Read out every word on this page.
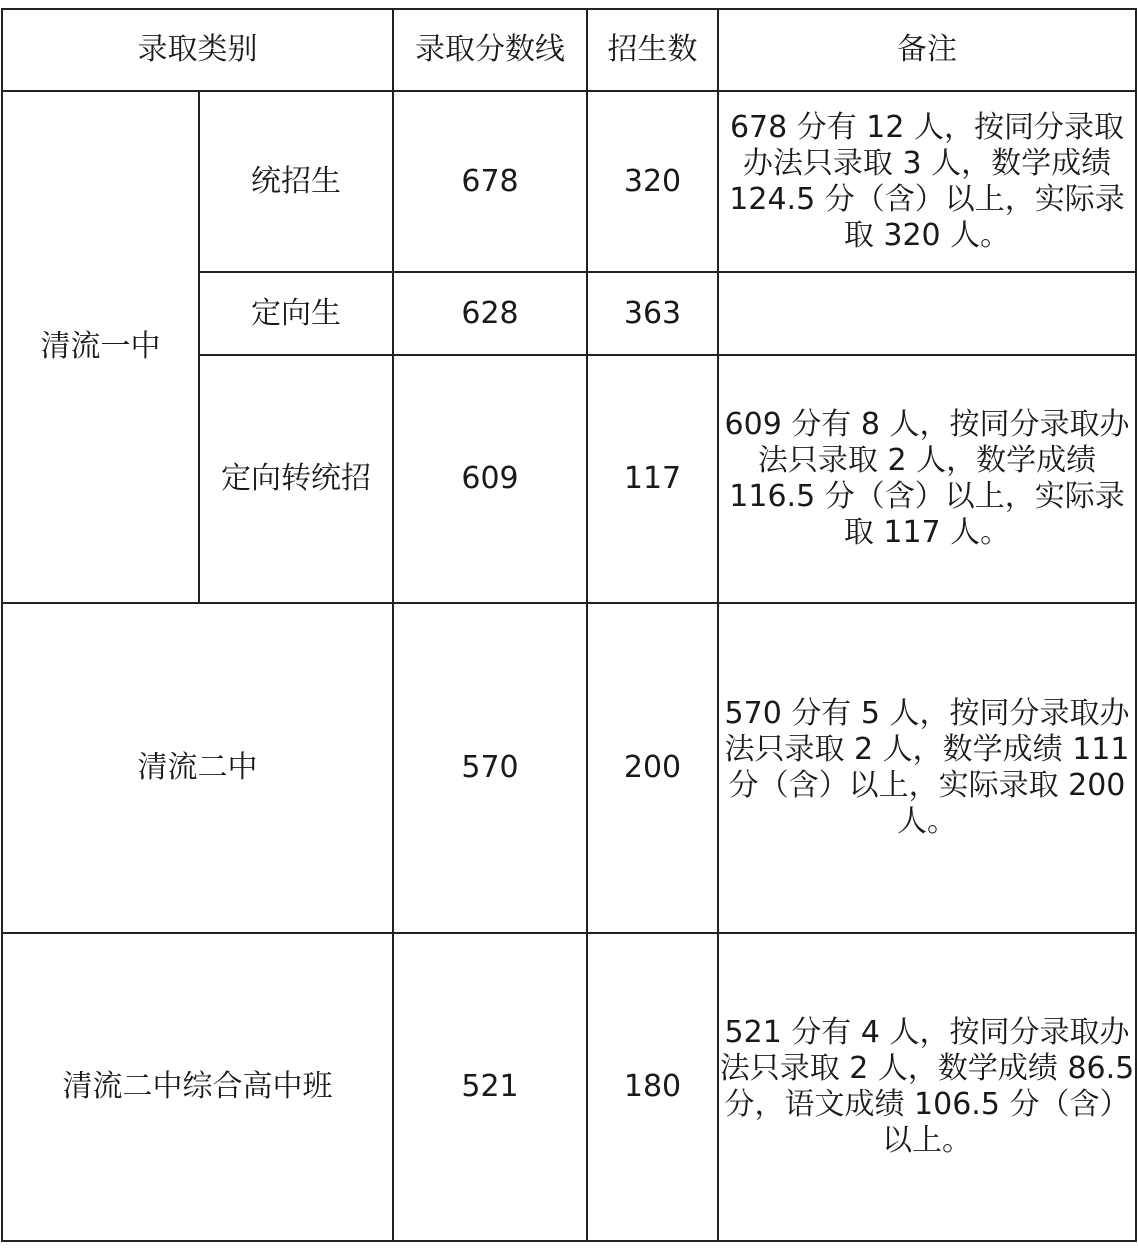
录取类别		录取分数线	招生数	备注
清流一中	统招生	678	320	678 分有 12 人，按同分录取办法只录取 3 人，数学成绩 124.5 分（含）以上，实际录取 320 人。
	定向生	628	363	
	定向转统招	609	117	609 分有 8 人，按同分录取办法只录取 2 人，数学成绩 116.5 分（含）以上，实际录取 117 人。
清流二中		570	200	570 分有 5 人，按同分录取办法只录取 2 人，数学成绩 111 分（含）以上，实际录取 200 人。
清流二中综合高中班		521	180	521 分有 4 人，按同分录取办法只录取 2 人，数学成绩 86.5 分，语文成绩 106.5 分（含）以上。
